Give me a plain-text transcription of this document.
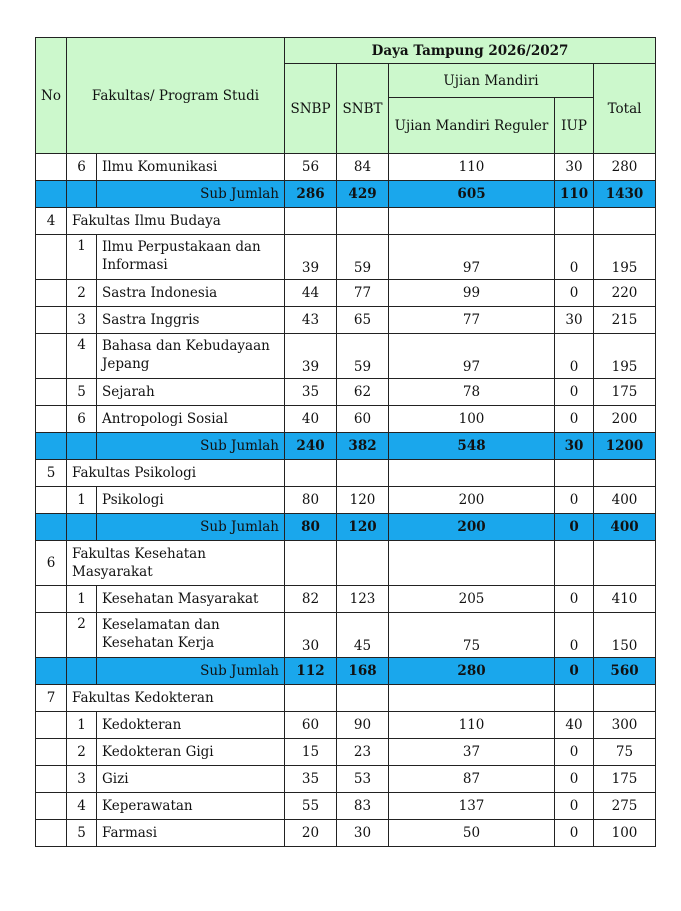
No	Fakultas/ Program Studi		Daya Tampung 2026/2027				
			SNBP	SNBT	Ujian Mandiri		Total
					Ujian Mandiri Reguler	IUP	
	6	Ilmu Komunikasi	56	84	110	30	280
		Sub Jumlah	286	429	605	110	1430
4	Fakultas Ilmu Budaya						
	1	Ilmu Perpustakaan dan Informasi	39	59	97	0	195
	2	Sastra Indonesia	44	77	99	0	220
	3	Sastra Inggris	43	65	77	30	215
	4	Bahasa dan Kebudayaan Jepang	39	59	97	0	195
	5	Sejarah	35	62	78	0	175
	6	Antropologi Sosial	40	60	100	0	200
		Sub Jumlah	240	382	548	30	1200
5	Fakultas Psikologi						
	1	Psikologi	80	120	200	0	400
		Sub Jumlah	80	120	200	0	400
6	Fakultas Kesehatan
Masyarakat						
	1	Kesehatan Masyarakat	82	123	205	0	410
	2	Keselamatan dan Kesehatan Kerja	30	45	75	0	150
		Sub Jumlah	112	168	280	0	560
7	Fakultas Kedokteran						
	1	Kedokteran	60	90	110	40	300
	2	Kedokteran Gigi	15	23	37	0	75
	3	Gizi	35	53	87	0	175
	4	Keperawatan	55	83	137	0	275
	5	Farmasi	20	30	50	0	100
